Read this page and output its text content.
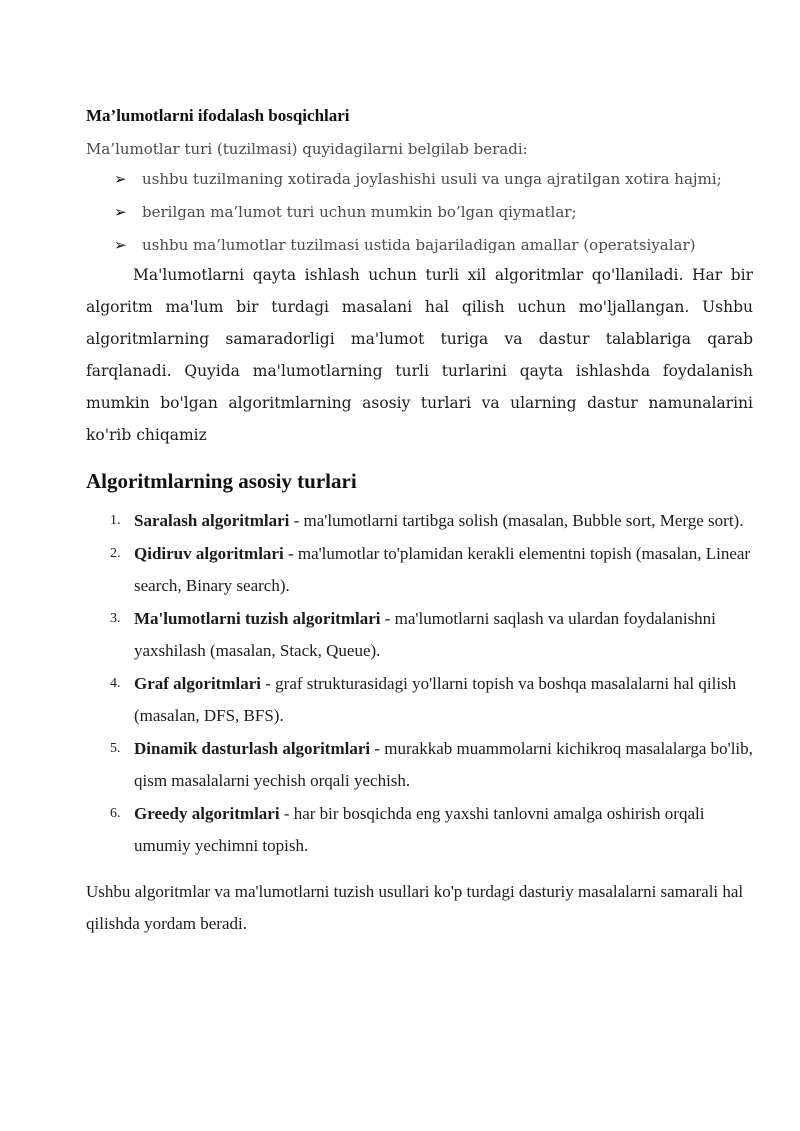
Ma’lumotlarni ifodalash bosqichlari

Ma’lumotlar turi (tuzilmasi) quyidagilarni belgilab beradi:

➢ ushbu tuzilmaning xotirada joylashishi usuli va unga ajratilgan xotira hajmi;
➢ berilgan ma’lumot turi uchun mumkin bo’lgan qiymatlar;
➢ ushbu ma’lumotlar tuzilmasi ustida bajariladigan amallar (operatsiyalar)

Ma'lumotlarni qayta ishlash uchun turli xil algoritmlar qo'llaniladi. Har bir algoritm ma'lum bir turdagi masalani hal qilish uchun mo'ljallangan. Ushbu algoritmlarning samaradorligi ma'lumot turiga va dastur talablariga qarab farqlanadi. Quyida ma'lumotlarning turli turlarini qayta ishlashda foydalanish mumkin bo'lgan algoritmlarning asosiy turlari va ularning dastur namunalarini ko'rib chiqamiz

Algoritmlarning asosiy turlari
1. Saralash algoritmlari - ma'lumotlarni tartibga solish (masalan, Bubble sort, Merge sort).
2. Qidiruv algoritmlari - ma'lumotlar to'plamidan kerakli elementni topish (masalan, Linear search, Binary search).
3. Ma'lumotlarni tuzish algoritmlari - ma'lumotlarni saqlash va ulardan foydalanishni yaxshilash (masalan, Stack, Queue).
4. Graf algoritmlari - graf strukturasidagi yo'llarni topish va boshqa masalalarni hal qilish (masalan, DFS, BFS).
5. Dinamik dasturlash algoritmlari - murakkab muammolarni kichikroq masalalarga bo'lib, qism masalalarni yechish orqali yechish.
6. Greedy algoritmlari - har bir bosqichda eng yaxshi tanlovni amalga oshirish orqali umumiy yechimni topish.

Ushbu algoritmlar va ma'lumotlarni tuzish usullari ko'p turdagi dasturiy masalalarni samarali hal qilishda yordam beradi.
